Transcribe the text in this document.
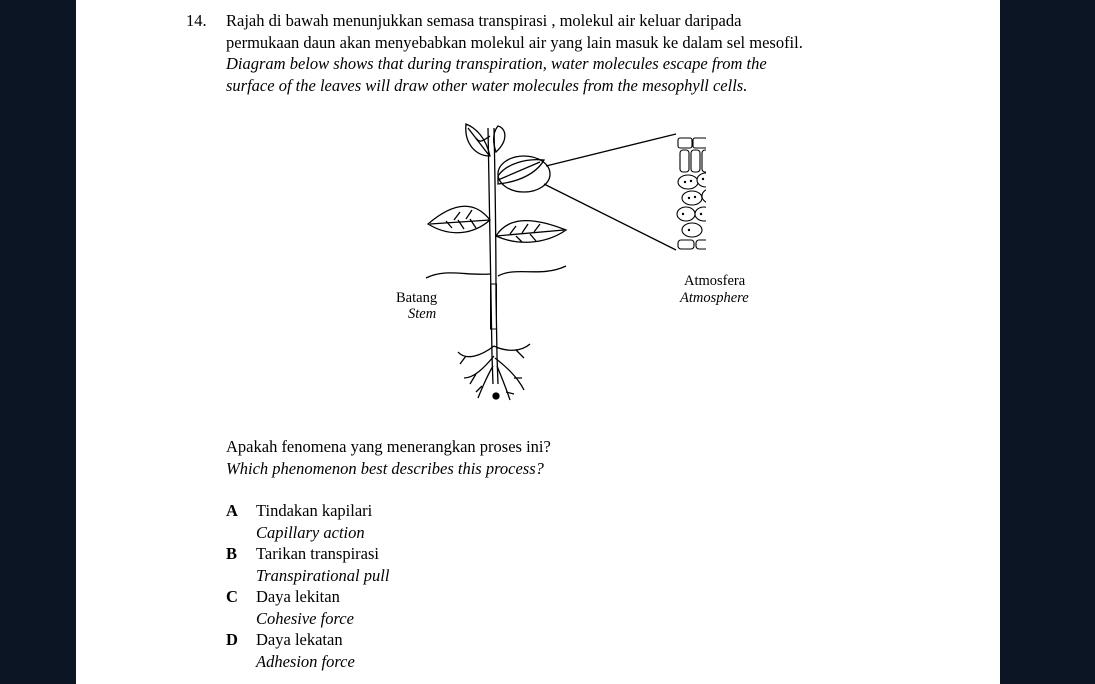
14. Rajah di bawah menunjukkan semasa transpirasi , molekul air keluar daripada
permukaan daun akan menyebabkan molekul air yang lain masuk ke dalam sel mesofil.
Diagram below shows that during transpiration, water molecules escape from the
surface of the leaves will draw other water molecules from the mesophyll cells.
Batang
Stem
Atmosfera
Atmosphere
Apakah fenomena yang menerangkan proses ini?
Which phenomenon best describes this process?
A	Tindakan kapilari
Capillary action
B	Tarikan transpirasi
Transpirational pull
C	Daya lekitan
Cohesive force
D	Daya lekatan
Adhesion force
